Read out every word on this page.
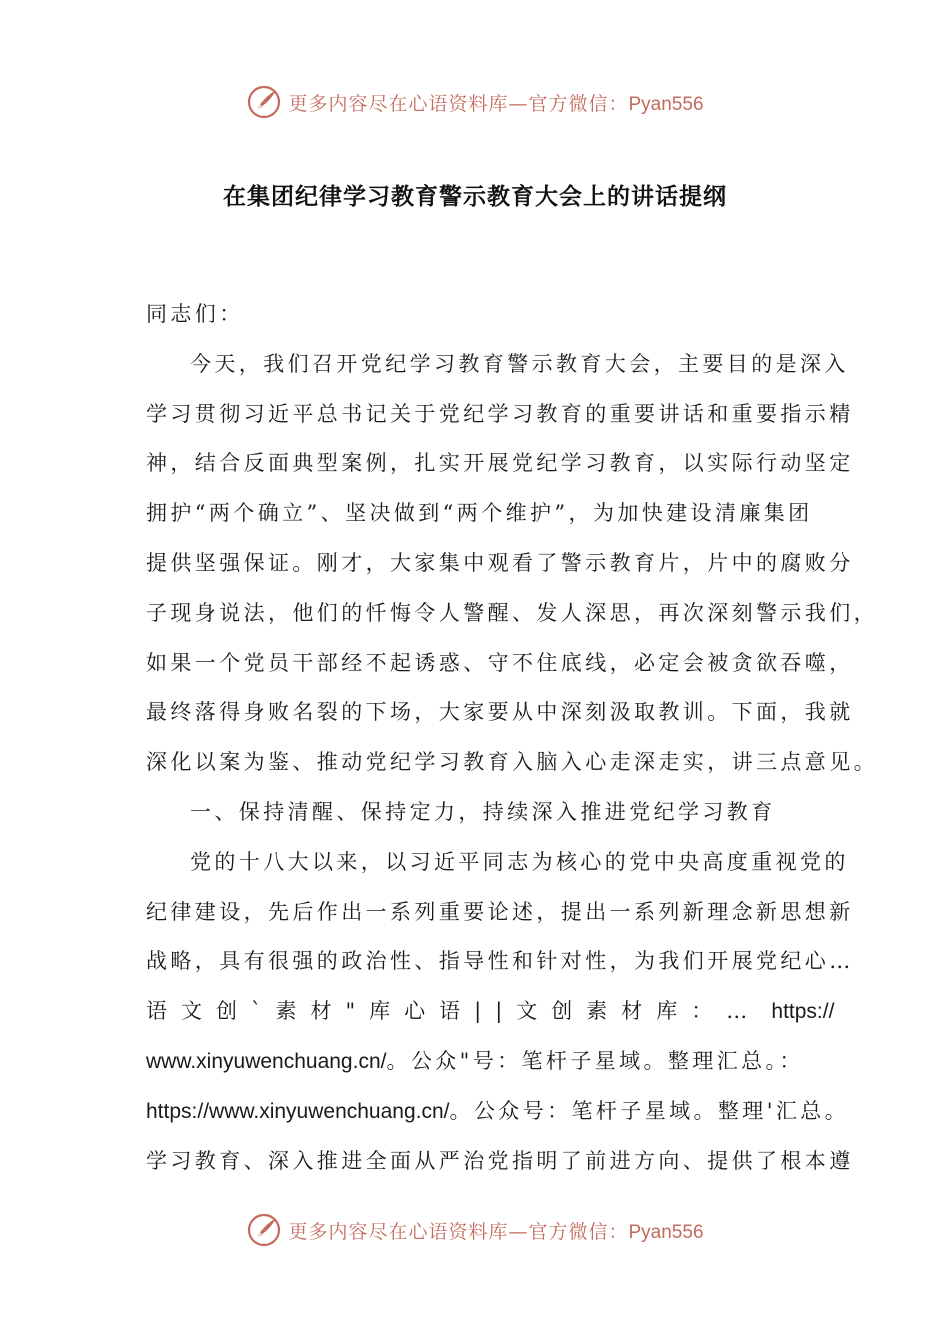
更多内容尽在心语资料库—官方微信：Pyan556
在集团纪律学习教育警示教育大会上的讲话提纲
同志们：
今天，我们召开党纪学习教育警示教育大会，主要目的是深入
学习贯彻习近平总书记关于党纪学习教育的重要讲话和重要指示精
神，结合反面典型案例，扎实开展党纪学习教育，以实际行动坚定
拥护“两个确立”、坚决做到“两个维护”，为加快建设清廉集团
提供坚强保证。刚才，大家集中观看了警示教育片，片中的腐败分
子现身说法，他们的忏悔令人警醒、发人深思，再次深刻警示我们，
如果一个党员干部经不起诱惑、守不住底线，必定会被贪欲吞噬，
最终落得身败名裂的下场，大家要从中深刻汲取教训。下面，我就
深化以案为鉴、推动党纪学习教育入脑入心走深走实，讲三点意见。
一、保持清醒、保持定力，持续深入推进党纪学习教育
党的十八大以来，以习近平同志为核心的党中央高度重视党的
纪律建设，先后作出一系列重要论述，提出一系列新理念新思想新
战略，具有很强的政治性、指导性和针对性，为我们开展党纪心…
语文创`素材"库心语||文创素材库：… https://
www.xinyuwenchuang.cn/。公众"号：笔杆子星域。整理汇总。：
https://www.xinyuwenchuang.cn/。公众号：笔杆子星域。整理'汇总。
学习教育、深入推进全面从严治党指明了前进方向、提供了根本遵
更多内容尽在心语资料库—官方微信：Pyan556
